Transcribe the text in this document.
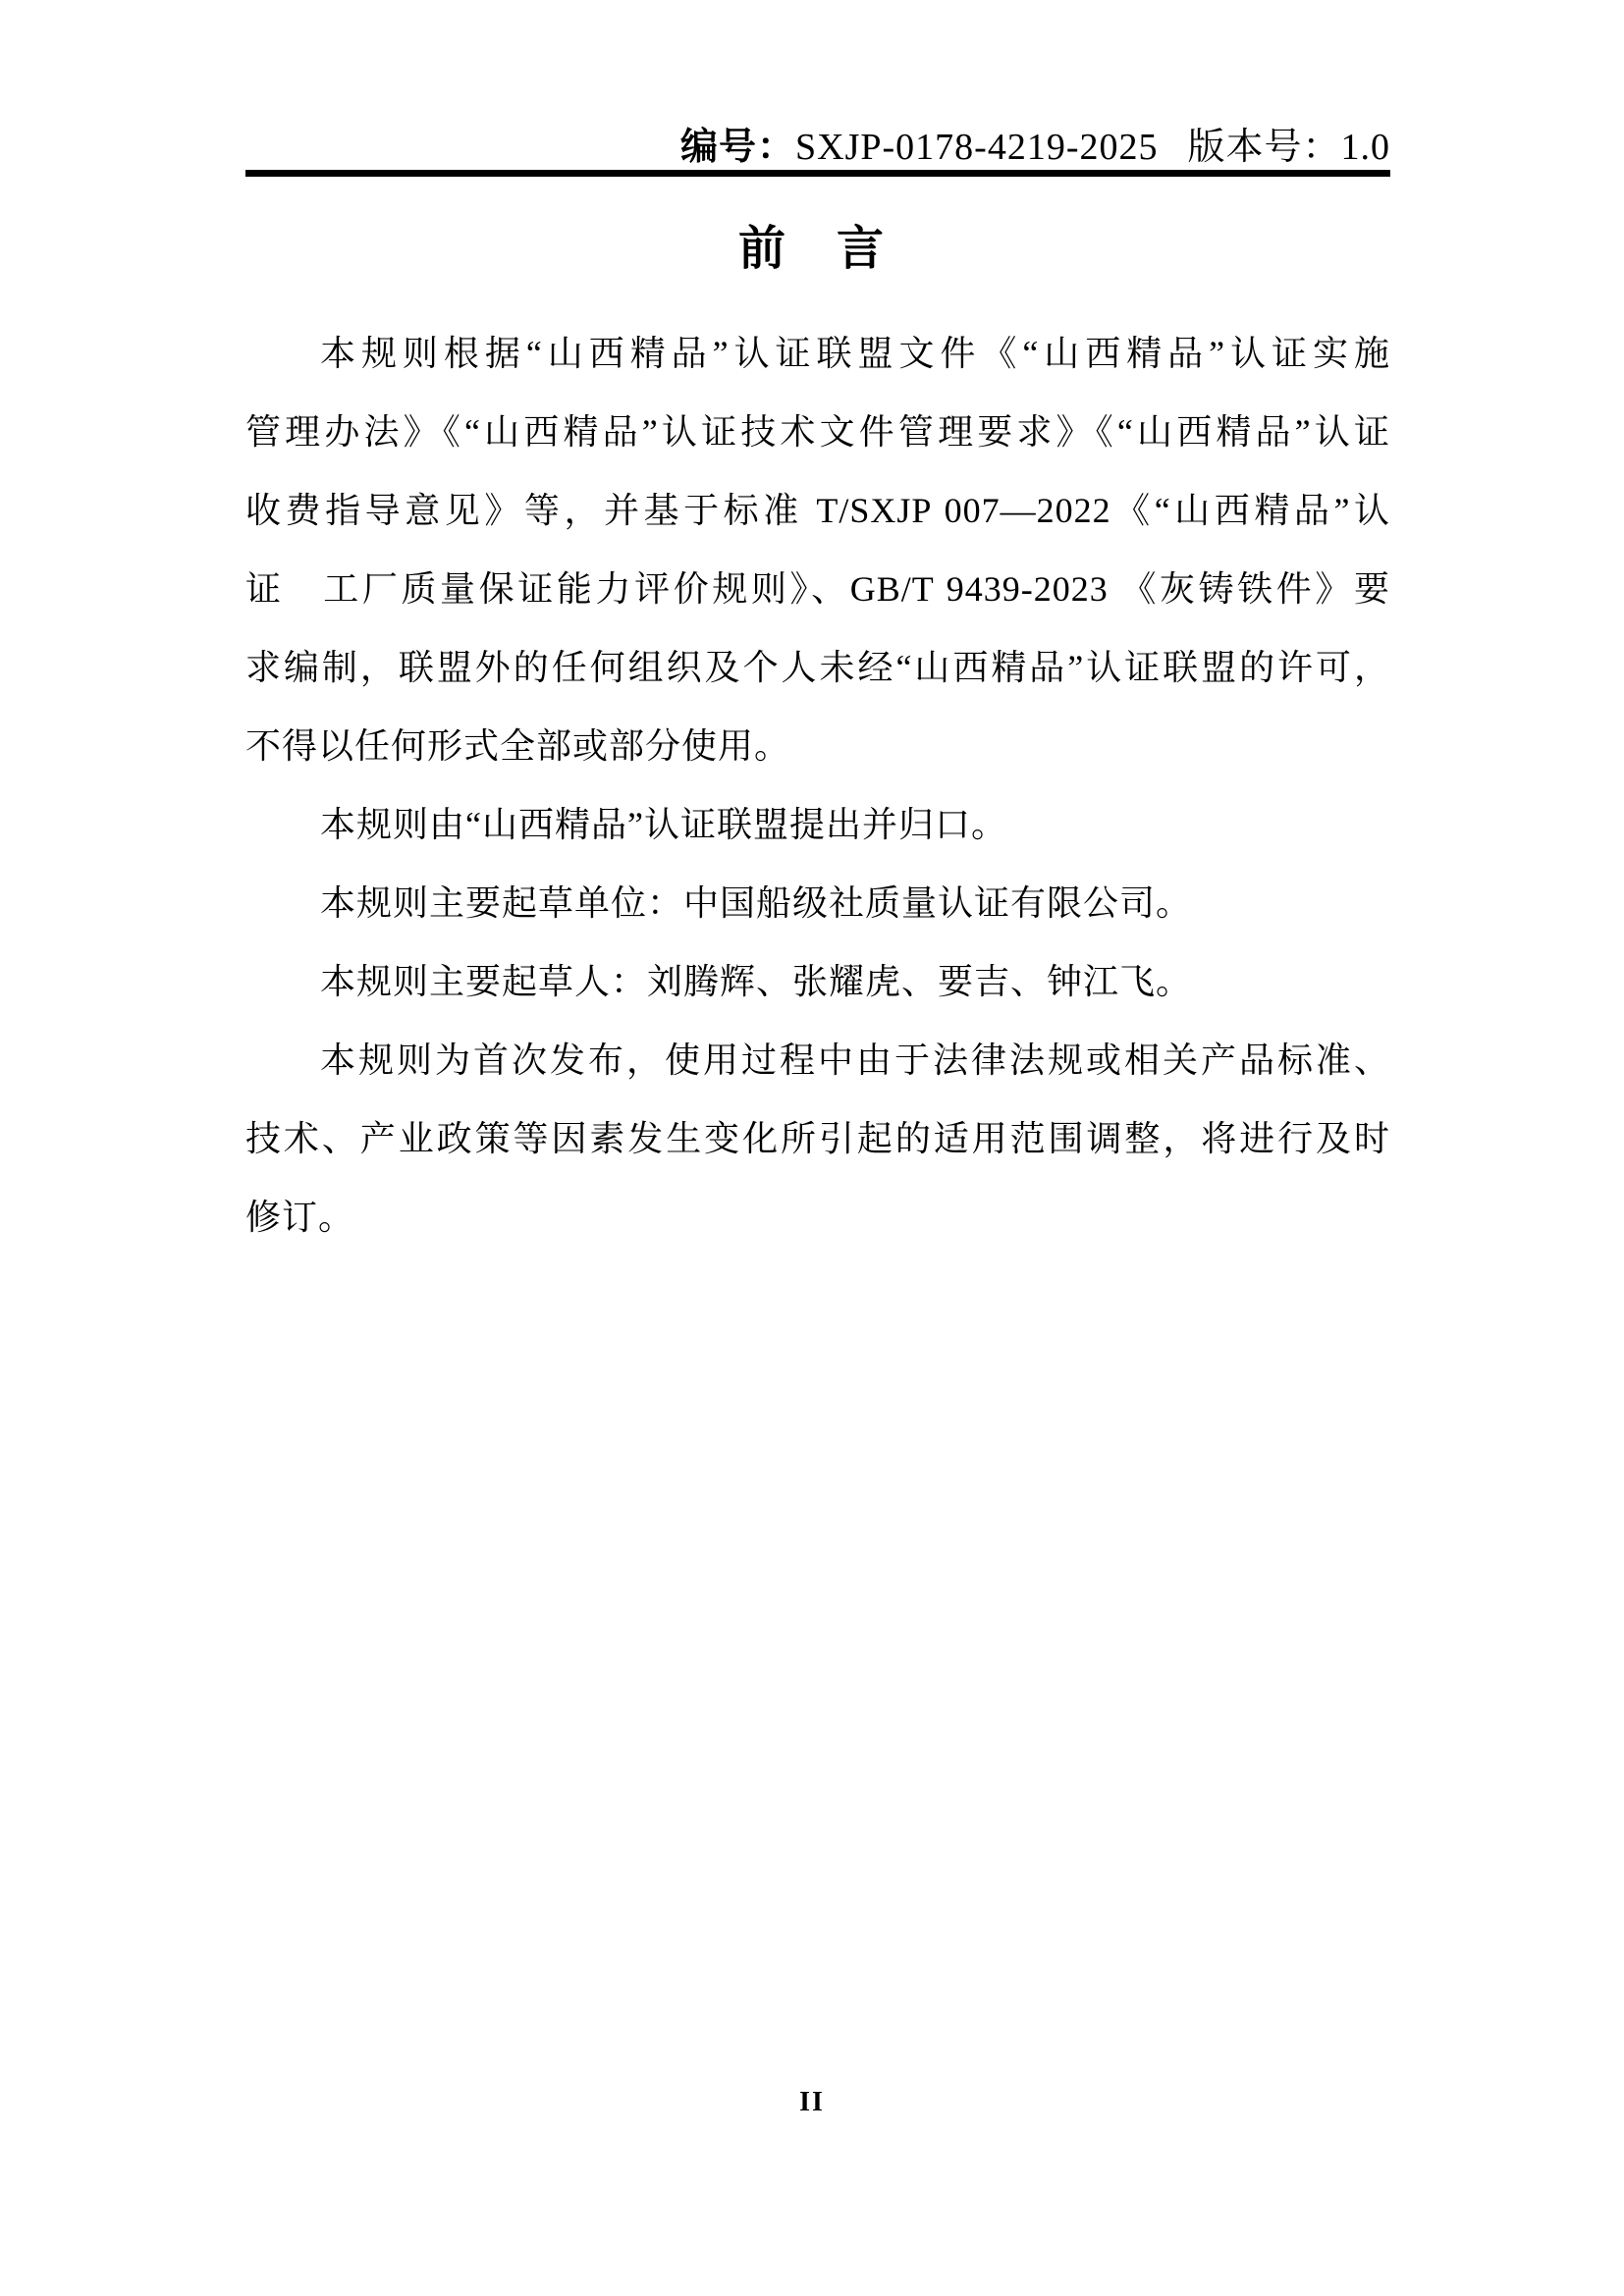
编号：SXJP-0178-4219-2025 版本号：1.0
前　言

本规则根据“山西精品”认证联盟文件《“山西精品”认证实施

管理办法》《“山西精品”认证技术文件管理要求》《“山西精品”认证

收费指导意见》等，并基于标准 T/SXJP 007—2022《“山西精品”认

证　工厂质量保证能力评价规则》、GB/T 9439-2023 《灰铸铁件》要

求编制，联盟外的任何组织及个人未经“山西精品”认证联盟的许可，

不得以任何形式全部或部分使用。

本规则由“山西精品”认证联盟提出并归口。

本规则主要起草单位：中国船级社质量认证有限公司。

本规则主要起草人：刘腾辉、张耀虎、要吉、钟江飞。

本规则为首次发布，使用过程中由于法律法规或相关产品标准、

技术、产业政策等因素发生变化所引起的适用范围调整，将进行及时

修订。

II
